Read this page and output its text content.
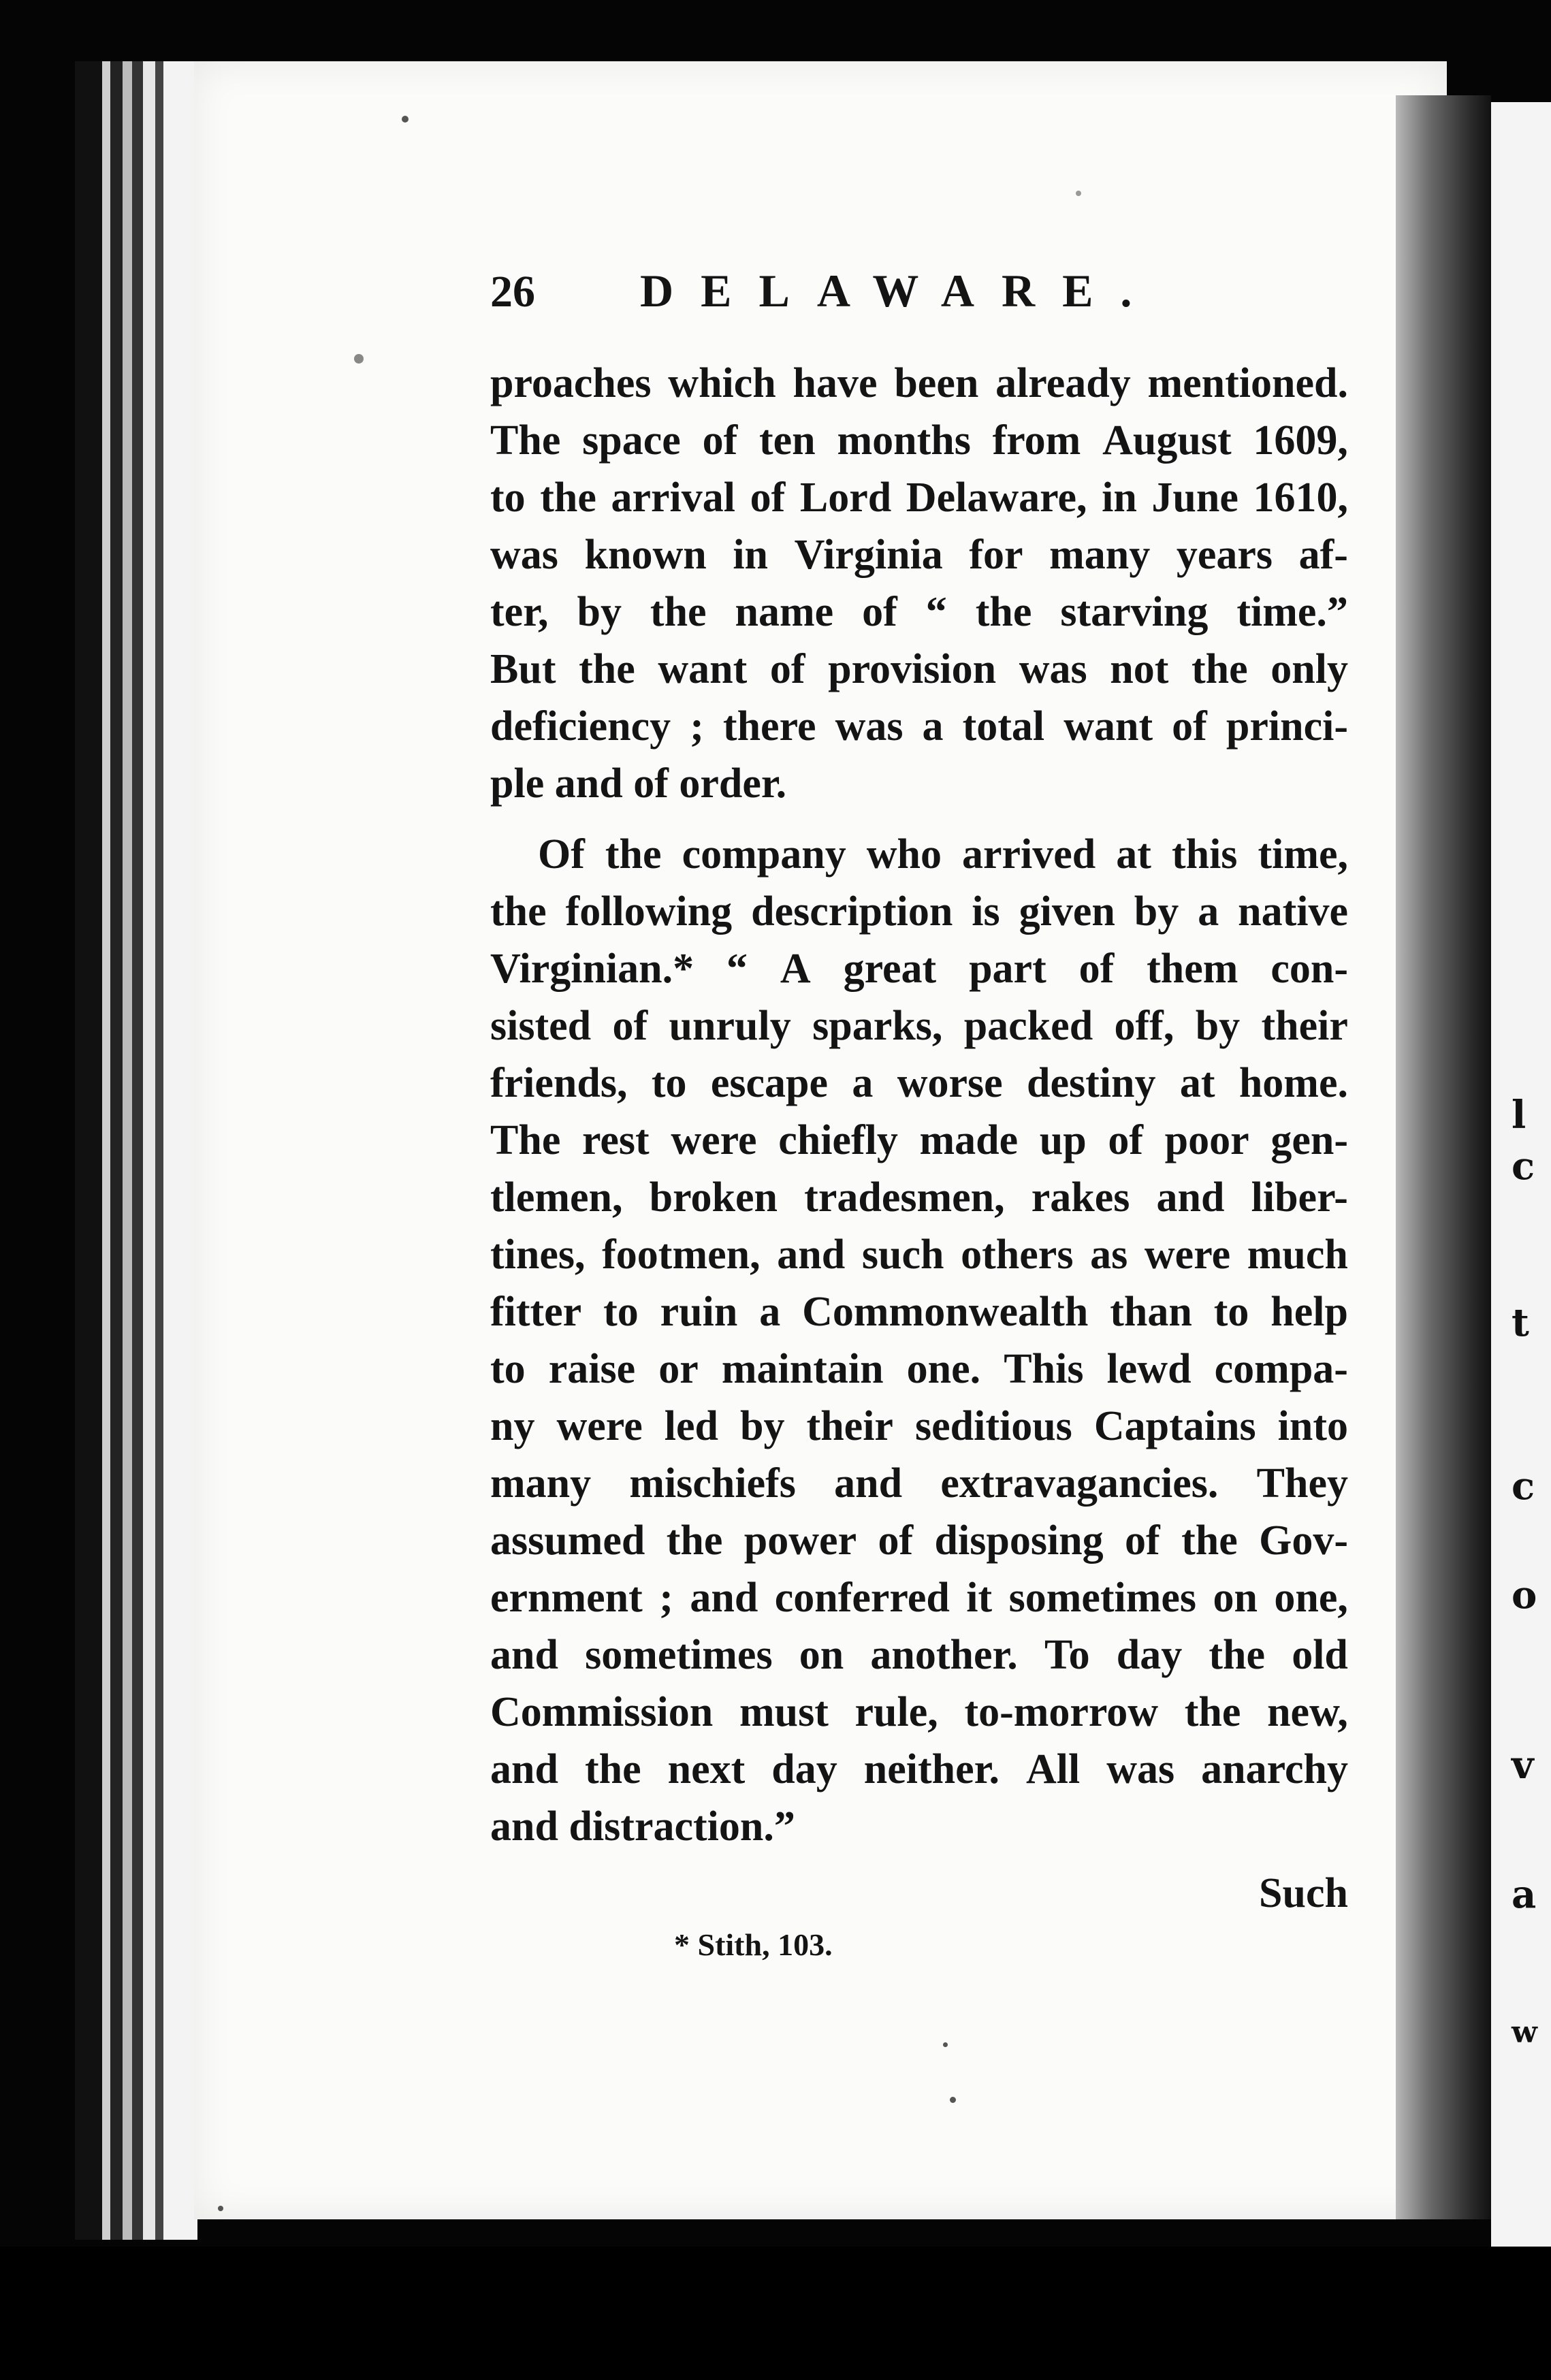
l
c
t
c
o
v
a
w
26	DELAWARE.
proaches which have been already mentioned.
The space of ten months from August 1609,
to the arrival of Lord Delaware, in June 1610,
was known in Virginia for many years af-
ter, by the name of “ the starving time.”
But the want of provision was not the only
deficiency ; there was a total want of princi-
ple and of order.
Of the company who arrived at this time,
the following description is given by a native
Virginian.* “ A great part of them con-
sisted of unruly sparks, packed off, by their
friends, to escape a worse destiny at home.
The rest were chiefly made up of poor gen-
tlemen, broken tradesmen, rakes and liber-
tines, footmen, and such others as were much
fitter to ruin a Commonwealth than to help
to raise or maintain one. This lewd compa-
ny were led by their seditious Captains into
many mischiefs and extravagancies. They
assumed the power of disposing of the Gov-
ernment ; and conferred it sometimes on one,
and sometimes on another. To day the old
Commission must rule, to-morrow the new,
and the next day neither. All was anarchy
and distraction.”
Such
* Stith, 103.
